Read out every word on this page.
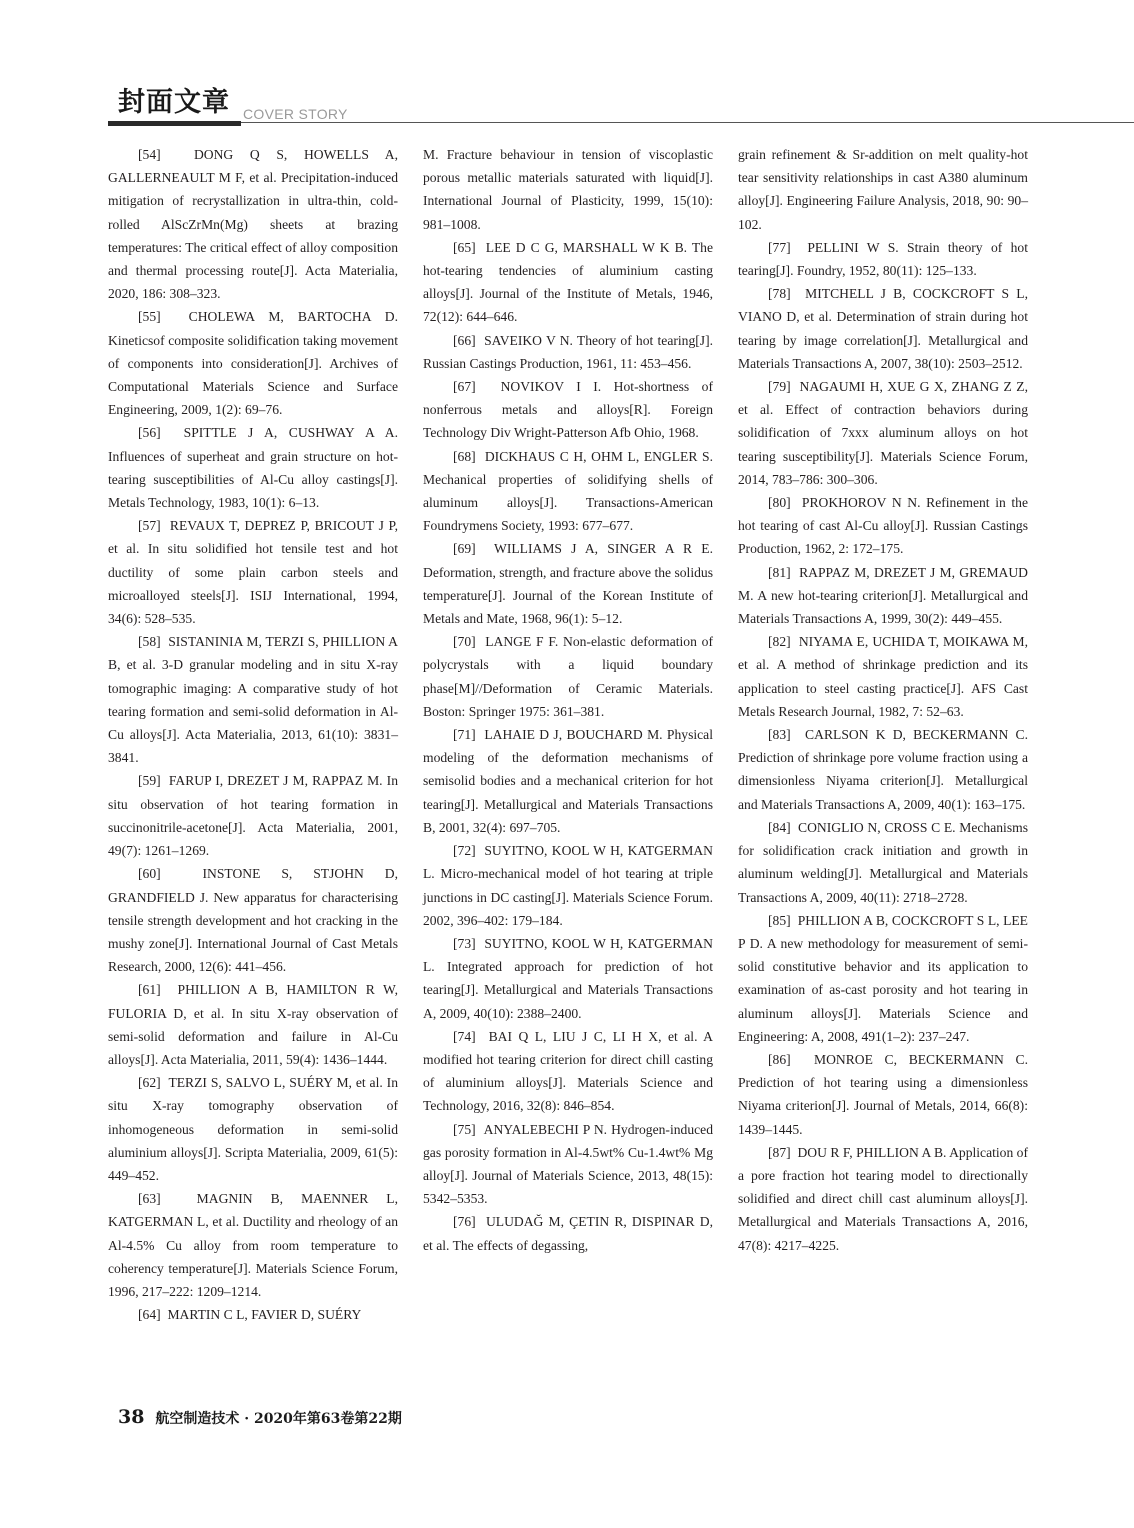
封面文章 COVER STORY

[54]  DONG Q S, HOWELLS A, GALLERNEAULT M F, et al. Precipitation-induced mitigation of recrystallization in ultra-thin, cold-rolled AlScZrMn(Mg) sheets at brazing temperatures: The critical effect of alloy composition and thermal processing route[J]. Acta Materialia, 2020, 186: 308–323.

[55]  CHOLEWA M, BARTOCHA D. Kineticsof composite solidification taking movement of components into consideration[J]. Archives of Computational Materials Science and Surface Engineering, 2009, 1(2): 69–76.

[56]  SPITTLE J A, CUSHWAY A A. Influences of superheat and grain structure on hot-tearing susceptibilities of Al-Cu alloy castings[J]. Metals Technology, 1983, 10(1): 6–13.

[57]  REVAUX T, DEPREZ P, BRICOUT J P, et al. In situ solidified hot tensile test and hot ductility of some plain carbon steels and microalloyed steels[J]. ISIJ International, 1994, 34(6): 528–535.

[58]  SISTANINIA M, TERZI S, PHILLION A B, et al. 3-D granular modeling and in situ X-ray tomographic imaging: A comparative study of hot tearing formation and semi-solid deformation in Al-Cu alloys[J]. Acta Materialia, 2013, 61(10): 3831–3841.

[59]  FARUP I, DREZET J M, RAPPAZ M. In situ observation of hot tearing formation in succinonitrile-acetone[J]. Acta Materialia, 2001, 49(7): 1261–1269.

[60]  INSTONE S, STJOHN D, GRANDFIELD J. New apparatus for characterising tensile strength development and hot cracking in the mushy zone[J]. International Journal of Cast Metals Research, 2000, 12(6): 441–456.

[61]  PHILLION A B, HAMILTON R W, FULORIA D, et al. In situ X-ray observation of semi-solid deformation and failure in Al-Cu alloys[J]. Acta Materialia, 2011, 59(4): 1436–1444.

[62]  TERZI S, SALVO L, SUÉRY M, et al. In situ X-ray tomography observation of inhomogeneous deformation in semi-solid aluminium alloys[J]. Scripta Materialia, 2009, 61(5): 449–452.

[63]  MAGNIN B, MAENNER L, KATGERMAN L, et al. Ductility and rheology of an Al-4.5% Cu alloy from room temperature to coherency temperature[J]. Materials Science Forum, 1996, 217–222: 1209–1214.

[64]  MARTIN C L, FAVIER D, SUÉRY

​M. Fracture behaviour in tension of viscoplastic porous metallic materials saturated with liquid[J]. International Journal of Plasticity, 1999, 15(10): 981–1008.

[65]  LEE D C G, MARSHALL W K B. The hot-tearing tendencies of aluminium casting alloys[J]. Journal of the Institute of Metals, 1946, 72(12): 644–646.

[66]  SAVEIKO V N. Theory of hot tearing[J]. Russian Castings Production, 1961, 11: 453–456.

[67]  NOVIKOV I I. Hot-shortness of nonferrous metals and alloys[R]. Foreign Technology Div Wright-Patterson Afb Ohio, 1968.

[68]  DICKHAUS C H, OHM L, ENGLER S. Mechanical properties of solidifying shells of aluminum alloys[J]. Transactions-American Foundrymens Society, 1993: 677–677.

[69]  WILLIAMS J A, SINGER A R E. Deformation, strength, and fracture above the solidus temperature[J]. Journal of the Korean Institute of Metals and Mate, 1968, 96(1): 5–12.

[70]  LANGE F F. Non-elastic deformation of polycrystals with a liquid boundary phase[M]//Deformation of Ceramic Materials. Boston: Springer 1975: 361–381.

[71]  LAHAIE D J, BOUCHARD M. Physical modeling of the deformation mechanisms of semisolid bodies and a mechanical criterion for hot tearing[J]. Metallurgical and Materials Transactions B, 2001, 32(4): 697–705.

[72]  SUYITNO, KOOL W H, KATGERMAN L. Micro-mechanical model of hot tearing at triple junctions in DC casting[J]. Materials Science Forum. 2002, 396–402: 179–184.

[73]  SUYITNO, KOOL W H, KATGERMAN L. Integrated approach for prediction of hot tearing[J]. Metallurgical and Materials Transactions A, 2009, 40(10): 2388–2400.

[74]  BAI Q L, LIU J C, LI H X, et al. A modified hot tearing criterion for direct chill casting of aluminium alloys[J]. Materials Science and Technology, 2016, 32(8): 846–854.

[75]  ANYALEBECHI P N. Hydrogen-induced gas porosity formation in Al-4.5wt% Cu-1.4wt% Mg alloy[J]. Journal of Materials Science, 2013, 48(15): 5342–5353.

[76]  ULUDAĞ M, ÇETIN R, DISPINAR D, et al. The effects of degassing,

​grain refinement & Sr-addition on melt quality-hot tear sensitivity relationships in cast A380 aluminum alloy[J]. Engineering Failure Analysis, 2018, 90: 90–102.

[77]  PELLINI W S. Strain theory of hot tearing[J]. Foundry, 1952, 80(11): 125–133.

[78]  MITCHELL J B, COCKCROFT S L, VIANO D, et al. Determination of strain during hot tearing by image correlation[J]. Metallurgical and Materials Transactions A, 2007, 38(10): 2503–2512.

[79]  NAGAUMI H, XUE G X, ZHANG Z Z, et al. Effect of contraction behaviors during solidification of 7xxx aluminum alloys on hot tearing susceptibility[J]. Materials Science Forum, 2014, 783–786: 300–306.

[80]  PROKHOROV N N. Refinement in the hot tearing of cast Al-Cu alloy[J]. Russian Castings Production, 1962, 2: 172–175.

[81]  RAPPAZ M, DREZET J M, GREMAUD M. A new hot-tearing criterion[J]. Metallurgical and Materials Transactions A, 1999, 30(2): 449–455.

[82]  NIYAMA E, UCHIDA T, MOIKAWA M, et al. A method of shrinkage prediction and its application to steel casting practice[J]. AFS Cast Metals Research Journal, 1982, 7: 52–63.

[83]  CARLSON K D, BECKERMANN C. Prediction of shrinkage pore volume fraction using a dimensionless Niyama criterion[J]. Metallurgical and Materials Transactions A, 2009, 40(1): 163–175.

[84]  CONIGLIO N, CROSS C E. Mechanisms for solidification crack initiation and growth in aluminum welding[J]. Metallurgical and Materials Transactions A, 2009, 40(11): 2718–2728.

[85]  PHILLION A B, COCKCROFT S L, LEE P D. A new methodology for measurement of semi-solid constitutive behavior and its application to examination of as-cast porosity and hot tearing in aluminum alloys[J]. Materials Science and Engineering: A, 2008, 491(1–2): 237–247.

[86]  MONROE C, BECKERMANN C. Prediction of hot tearing using a dimensionless Niyama criterion[J]. Journal of Metals, 2014, 66(8): 1439–1445.

[87]  DOU R F, PHILLION A B. Application of a pore fraction hot tearing model to directionally solidified and direct chill cast aluminum alloys[J]. Metallurgical and Materials Transactions A, 2016, 47(8): 4217–4225.

38 航空制造技术 · 2020年第63卷第22期
